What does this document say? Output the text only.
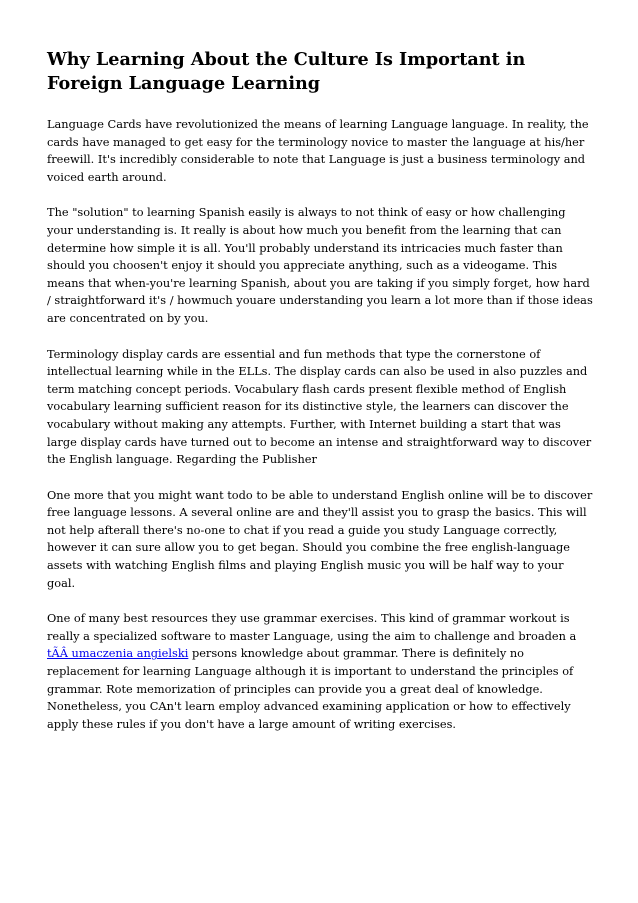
Why Learning About the Culture Is Important in Foreign Language Learning

Language Cards have revolutionized the means of learning Language language. In reality, the cards have managed to get easy for the terminology novice to master the language at his/her freewill. It's incredibly considerable to note that Language is just a business terminology and voiced earth around.

The "solution" to learning Spanish easily is always to not think of easy or how challenging your understanding is. It really is about how much you benefit from the learning that can determine how simple it is all. You'll probably understand its intricacies much faster than should you choosen't enjoy it should you appreciate anything, such as a videogame. This means that when-you're learning Spanish, about you are taking if you simply forget, how hard / straightforward it's / howmuch youare understanding you learn a lot more than if those ideas are concentrated on by you.

Terminology display cards are essential and fun methods that type the cornerstone of intellectual learning while in the ELLs. The display cards can also be used in also puzzles and term matching concept periods. Vocabulary flash cards present flexible method of English vocabulary learning sufficient reason for its distinctive style, the learners can discover the vocabulary without making any attempts. Further, with Internet building a start that was large display cards have turned out to become an intense and straightforward way to discover the English language. Regarding the Publisher

One more that you might want todo to be able to understand English online will be to discover free language lessons. A several online are and they'll assist you to grasp the basics. This will not help afterall there's no-one to chat if you read a guide you study Language correctly, however it can sure allow you to get began. Should you combine the free english-language assets with watching English films and playing English music you will be half way to your goal.

One of many best resources they use grammar exercises. This kind of grammar workout is really a specialized software to master Language, using the aim to challenge and broaden a tÃÂ umaczenia angielski persons knowledge about grammar. There is definitely no replacement for learning Language although it is important to understand the principles of grammar. Rote memorization of principles can provide you a great deal of knowledge. Nonetheless, you CAn't learn employ advanced examining application or how to effectively apply these rules if you don't have a large amount of writing exercises.
